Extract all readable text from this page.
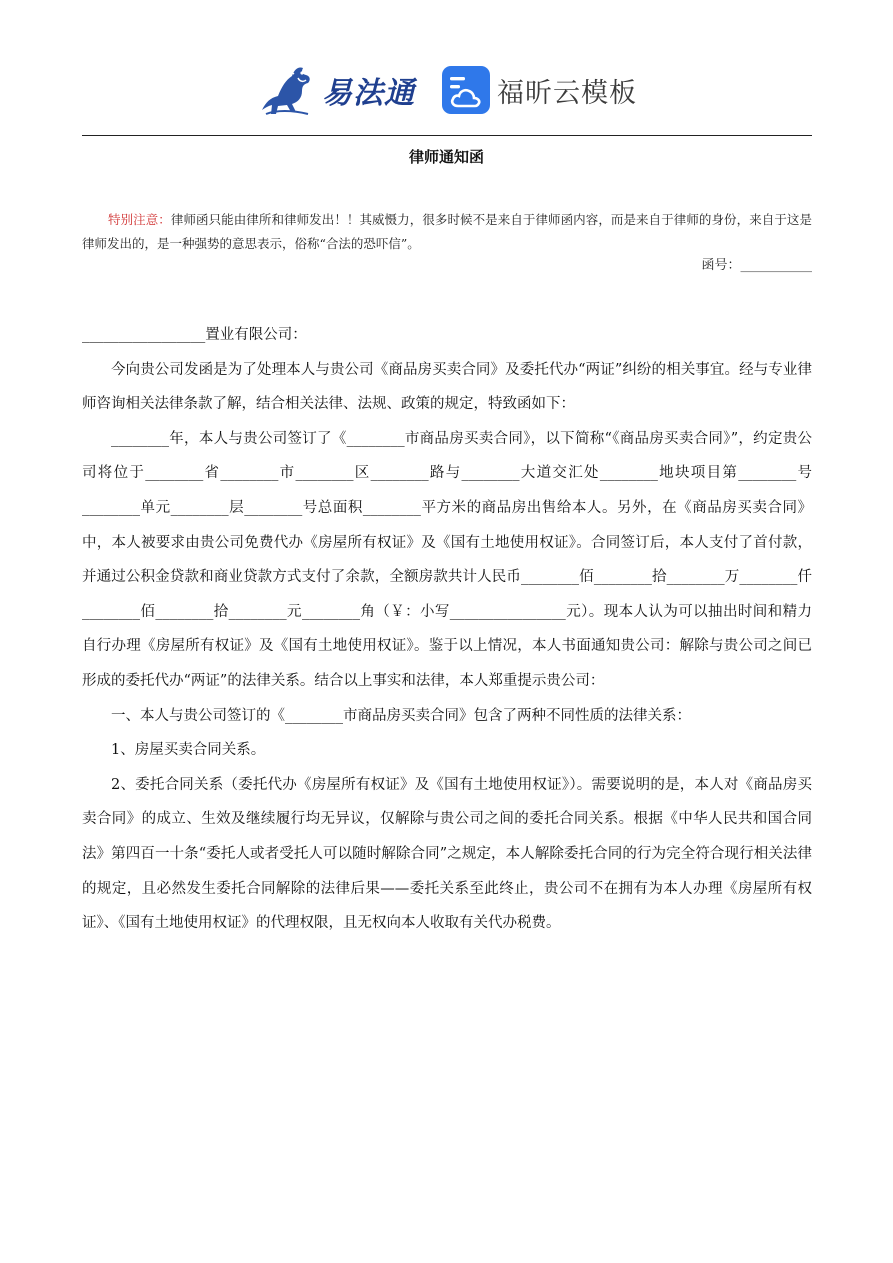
易法通	福昕云模板
律师通知函
特别注意：律师函只能由律所和律师发出！！其威慑力，很多时候不是来自于律师函内容，而是来自于律师的身份，来自于这是律师发出的，是一种强势的意思表示，俗称“合法的恐吓信”。
函号：___________

_________________置业有限公司：

今向贵公司发函是为了处理本人与贵公司《商品房买卖合同》及委托代办“两证”纠纷的相关事宜。经与专业律师咨询相关法律条款了解，结合相关法律、法规、政策的规定，特致函如下：

________年，本人与贵公司签订了《________市商品房买卖合同》，以下简称“《商品房买卖合同》”，约定贵公司将位于________省________市________区________路与________大道交汇处________地块项目第________号________单元________层________号总面积________平方米的商品房出售给本人。另外，在《商品房买卖合同》中，本人被要求由贵公司免费代办《房屋所有权证》及《国有土地使用权证》。合同签订后，本人支付了首付款，并通过公积金贷款和商业贷款方式支付了余款，全额房款共计人民币________佰________拾________万________仟________佰________拾________元________角（￥：小写________________元）。现本人认为可以抽出时间和精力自行办理《房屋所有权证》及《国有土地使用权证》。鉴于以上情况，本人书面通知贵公司：解除与贵公司之间已形成的委托代办“两证”的法律关系。结合以上事实和法律，本人郑重提示贵公司：

一、本人与贵公司签订的《________市商品房买卖合同》包含了两种不同性质的法律关系：

1、房屋买卖合同关系。

2、委托合同关系（委托代办《房屋所有权证》及《国有土地使用权证》）。需要说明的是，本人对《商品房买卖合同》的成立、生效及继续履行均无异议，仅解除与贵公司之间的委托合同关系。根据《中华人民共和国合同法》第四百一十条“委托人或者受托人可以随时解除合同”之规定，本人解除委托合同的行为完全符合现行相关法律的规定，且必然发生委托合同解除的法律后果——委托关系至此终止，贵公司不在拥有为本人办理《房屋所有权证》、《国有土地使用权证》的代理权限，且无权向本人收取有关代办税费。
